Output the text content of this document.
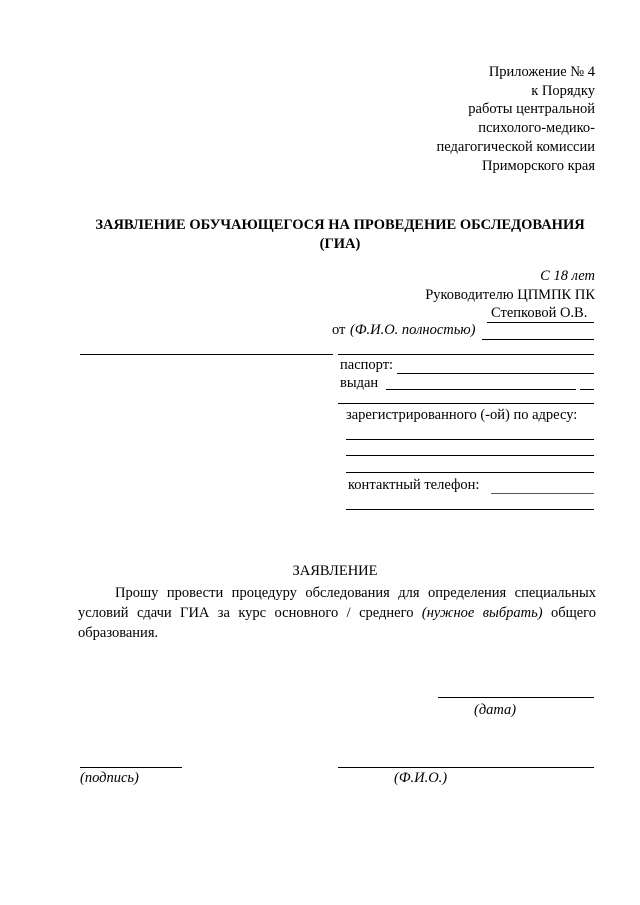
Приложение № 4
к Порядку
работы центральной
психолого-медико-
педагогической комиссии
Приморского края
ЗАЯВЛЕНИЕ ОБУЧАЮЩЕГОСЯ НА ПРОВЕДЕНИЕ ОБСЛЕДОВАНИЯ
(ГИА)
С 18 лет
Руководителю ЦПМПК ПК
Степковой О.В.
от (Ф.И.О. полностью)
паспорт:
выдан
зарегистрированного (-ой) по адресу:
контактный телефон:
ЗАЯВЛЕНИЕ

Прошу провести процедуру обследования для определения специальных условий сдачи ГИА за курс основного / среднего (нужное выбрать) общего образования.

(дата)
(подпись)	(Ф.И.О.)
